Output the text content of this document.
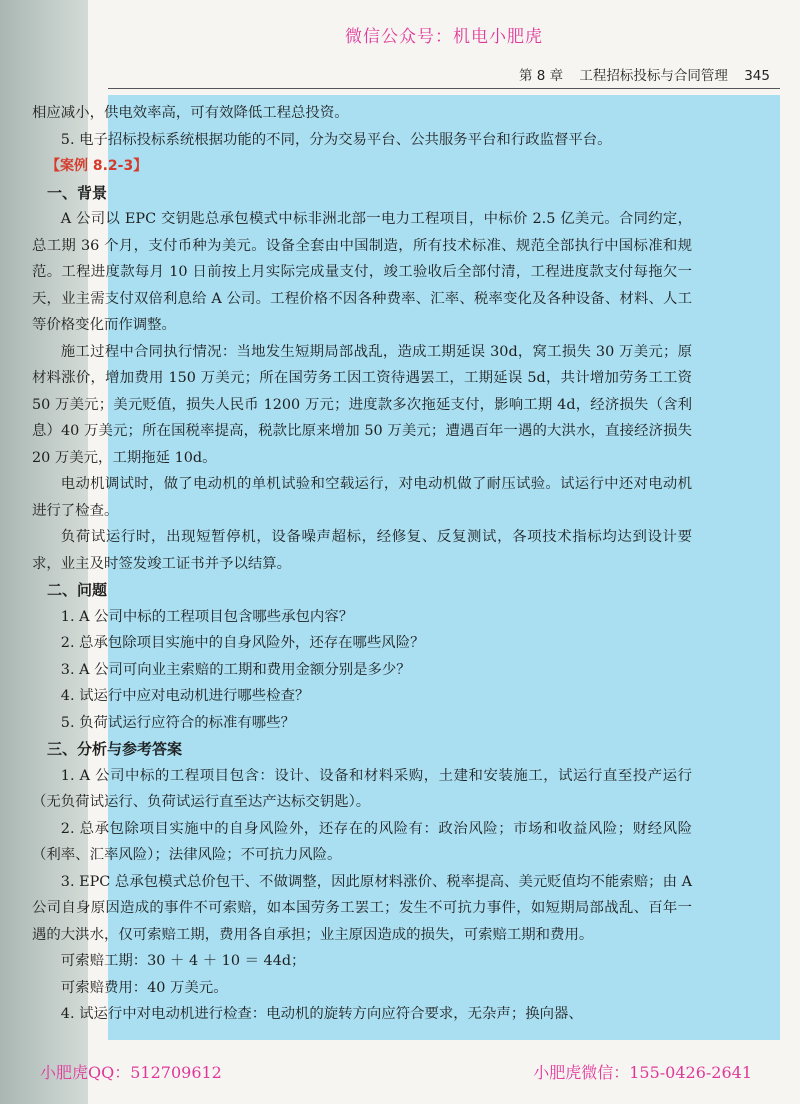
微信公众号：机电小肥虎
第 8 章 工程招标投标与合同管理 345

相应减小，供电效率高，可有效降低工程总投资。

5. 电子招标投标系统根据功能的不同，分为交易平台、公共服务平台和行政监督平台。

【案例 8.2-3】

一、背景

A 公司以 EPC 交钥匙总承包模式中标非洲北部一电力工程项目，中标价 2.5 亿美元。合同约定，总工期 36 个月，支付币种为美元。设备全套由中国制造，所有技术标准、规范全部执行中国标准和规范。工程进度款每月 10 日前按上月实际完成量支付，竣工验收后全部付清，工程进度款支付每拖欠一天，业主需支付双倍利息给 A 公司。工程价格不因各种费率、汇率、税率变化及各种设备、材料、人工等价格变化而作调整。

施工过程中合同执行情况：当地发生短期局部战乱，造成工期延误 30d，窝工损失 30 万美元；原材料涨价，增加费用 150 万美元；所在国劳务工因工资待遇罢工，工期延误 5d，共计增加劳务工工资 50 万美元；美元贬值，损失人民币 1200 万元；进度款多次拖延支付，影响工期 4d，经济损失（含利息）40 万美元；所在国税率提高，税款比原来增加 50 万美元；遭遇百年一遇的大洪水，直接经济损失 20 万美元，工期拖延 10d。

电动机调试时，做了电动机的单机试验和空载运行，对电动机做了耐压试验。试运行中还对电动机进行了检查。

负荷试运行时，出现短暂停机，设备噪声超标，经修复、反复测试，各项技术指标均达到设计要求，业主及时签发竣工证书并予以结算。

二、问题

1. A 公司中标的工程项目包含哪些承包内容？

2. 总承包除项目实施中的自身风险外，还存在哪些风险？

3. A 公司可向业主索赔的工期和费用金额分别是多少？

4. 试运行中应对电动机进行哪些检查？

5. 负荷试运行应符合的标准有哪些？

三、分析与参考答案

1. A 公司中标的工程项目包含：设计、设备和材料采购，土建和安装施工，试运行直至投产运行（无负荷试运行、负荷试运行直至达产达标交钥匙）。

2. 总承包除项目实施中的自身风险外，还存在的风险有：政治风险；市场和收益风险；财经风险（利率、汇率风险）；法律风险；不可抗力风险。

3. EPC 总承包模式总价包干、不做调整，因此原材料涨价、税率提高、美元贬值均不能索赔；由 A 公司自身原因造成的事件不可索赔，如本国劳务工罢工；发生不可抗力事件，如短期局部战乱、百年一遇的大洪水，仅可索赔工期，费用各自承担；业主原因造成的损失，可索赔工期和费用。

可索赔工期：30 ＋ 4 ＋ 10 ＝ 44d；

可索赔费用：40 万美元。

4. 试运行中对电动机进行检查：电动机的旋转方向应符合要求，无杂声；换向器、

小肥虎QQ：512709612	小肥虎微信：155-0426-2641
